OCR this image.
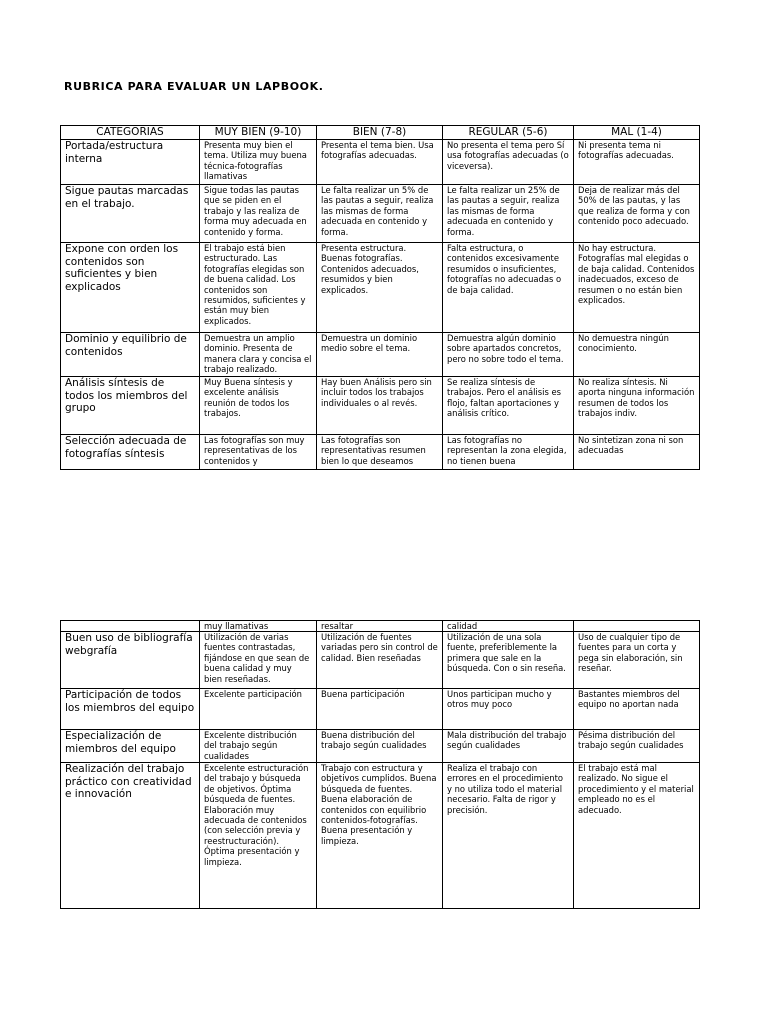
RUBRICA PARA EVALUAR UN LAPBOOK.
CATEGORIAS	MUY BIEN (9-10)	BIEN (7-8)	REGULAR (5-6)	MAL (1-4)

Portada/estructura interna	Presenta muy bien el tema. Utiliza muy buena técnica-fotografías llamativas	Presenta el tema bien. Usa fotografías adecuadas.	No presenta el tema pero Sí usa fotografías adecuadas (o viceversa).	Ni presenta tema ni fotografías adecuadas.

Sigue pautas marcadas en el trabajo.	Sigue todas las pautas que se piden en el trabajo y las realiza de forma muy adecuada en contenido y forma.	Le falta realizar un 5% de las pautas a seguir, realiza las mismas de forma adecuada en contenido y forma.	Le falta realizar un 25% de las pautas a seguir, realiza las mismas de forma adecuada en contenido y forma.	Deja de realizar más del 50% de las pautas, y las que realiza de forma y con contenido poco adecuado.

Expone con orden los contenidos son suficientes y bien explicados	El trabajo está bien estructurado. Las fotografías elegidas son de buena calidad. Los contenidos son resumidos, suficientes y están muy bien explicados.	Presenta estructura. Buenas fotografías. Contenidos adecuados, resumidos y bien explicados.	Falta estructura, o contenidos excesivamente resumidos o insuficientes, fotografías no adecuadas o de baja calidad.	No hay estructura. Fotografías mal elegidas o de baja calidad. Contenidos inadecuados, exceso de resumen o no están bien explicados.

Dominio y equilibrio de contenidos	Demuestra un amplio dominio. Presenta de manera clara y concisa el trabajo realizado.	Demuestra un dominio medio sobre el tema.	Demuestra algún dominio sobre apartados concretos, pero no sobre todo el tema.	No demuestra ningún conocimiento.

Análisis síntesis de todos los miembros del grupo	Muy Buena síntesis y excelente análisis reunión de todos los trabajos.	Hay buen Análisis pero sin incluir todos los trabajos individuales o al revés.	Se realiza síntesis de trabajos. Pero el análisis es flojo, faltan aportaciones y análisis crítico.	No realiza síntesis. Ni aporta ninguna información resumen de todos los trabajos indiv.

Selección adecuada de fotografías síntesis	Las fotografías son muy representativas de los contenidos y	Las fotografías son representativas resumen bien lo que deseamos	Las fotografías no representan la zona elegida, no tienen buena	No sintetizan zona ni son adecuadas

	muy llamativas	resaltar	calidad	

Buen uso de bibliografía webgrafía	Utilización de varias fuentes contrastadas, fijándose en que sean de buena calidad y muy bien reseñadas.	Utilización de fuentes variadas pero sin control de calidad. Bien reseñadas	Utilización de una sola fuente, preferiblemente la primera que sale en la búsqueda. Con o sin reseña.	Uso de cualquier tipo de fuentes para un corta y pega sin elaboración, sin reseñar.

Participación de todos los miembros del equipo	Excelente participación	Buena participación	Unos participan mucho y otros muy poco	Bastantes miembros del equipo no aportan nada

Especialización de miembros del equipo	Excelente distribución del trabajo según cualidades	Buena distribución del trabajo según cualidades	Mala distribución del trabajo según cualidades	Pésima distribución del trabajo según cualidades

Realización del trabajo práctico con creatividad e innovación	Excelente estructuración del trabajo y búsqueda de objetivos. Óptima búsqueda de fuentes. Elaboración muy adecuada de contenidos (con selección previa y reestructuración). Óptima presentación y limpieza.	Trabajo con estructura y objetivos cumplidos. Buena búsqueda de fuentes. Buena elaboración de contenidos con equilibrio contenidos-fotografías. Buena presentación y limpieza.	Realiza el trabajo con errores en el procedimiento y no utiliza todo el material necesario. Falta de rigor y precisión.	El trabajo está mal realizado. No sigue el procedimiento y el material empleado no es el adecuado.
